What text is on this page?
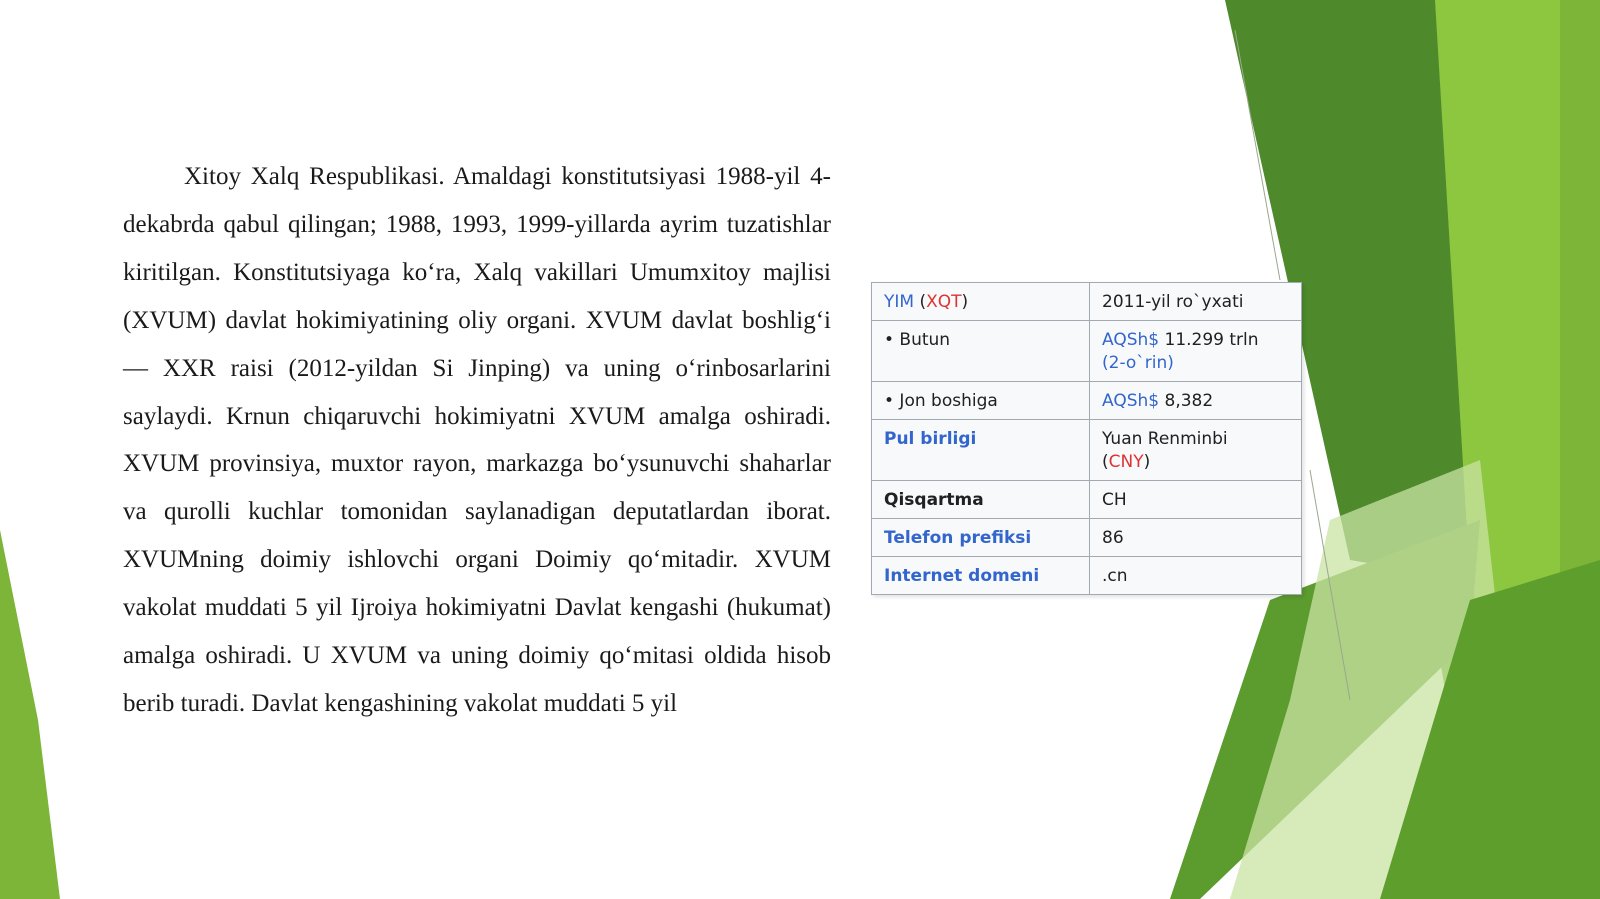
Xitoy Xalq Respublikasi. Amaldagi konstitutsiyasi 1988-yil 4-dekabrda qabul qilingan; 1988, 1993, 1999-yillarda ayrim tuzatishlar kiritilgan. Konstitutsiyaga ko‘ra, Xalq vakillari Umumxitoy majlisi (XVUM) davlat hokimiyatining oliy organi. XVUM davlat boshlig‘i — XXR raisi (2012-yildan Si Jinping) va uning o‘rinbosarlarini saylaydi. Krnun chiqaruvchi hokimiyatni XVUM amalga oshiradi. XVUM provinsiya, muxtor rayon, markazga bo‘ysunuvchi shaharlar va qurolli kuchlar tomonidan saylanadigan deputatlardan iborat. XVUMning doimiy ishlovchi organi Doimiy qo‘mitadir. XVUM vakolat muddati 5 yil Ijroiya hokimiyatni Davlat kengashi (hukumat) amalga oshiradi. U XVUM va uning doimiy qo‘mitasi oldida hisob berib turadi. Davlat kengashining vakolat muddati 5 yil

YIM (XQT)	2011-yil ro`yxati
• Butun	AQSh$ 11.299 trln
(2-o`rin)
• Jon boshiga	AQSh$ 8,382
Pul birligi	Yuan Renminbi
(CNY)
Qisqartma	CH
Telefon prefiksi	86
Internet domeni	.cn
